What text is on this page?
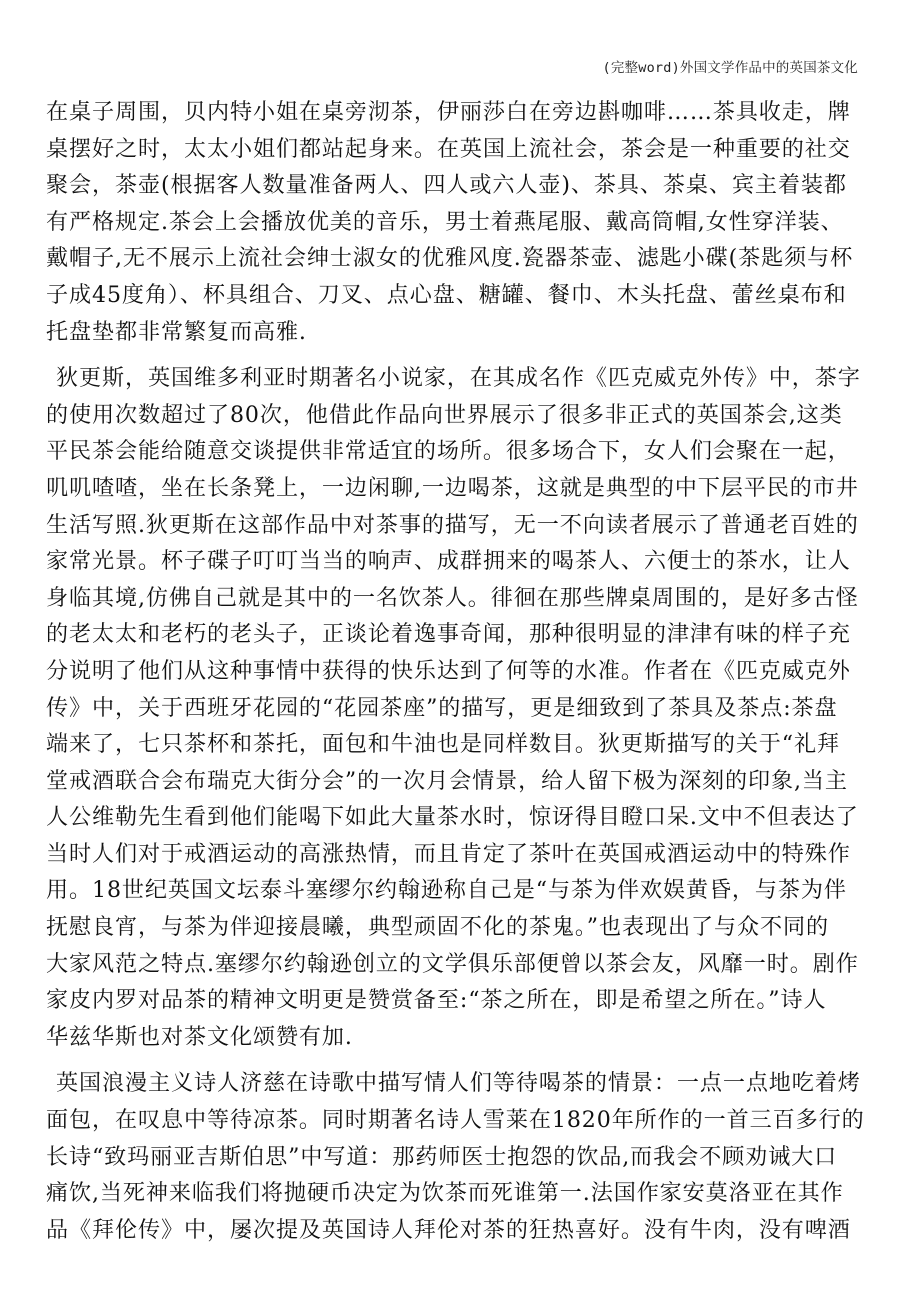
(完整word)外国文学作品中的英国茶文化

在桌子周围，贝内特小姐在桌旁沏茶，伊丽莎白在旁边斟咖啡……茶具收走，牌
桌摆好之时，太太小姐们都站起身来。在英国上流社会，茶会是一种重要的社交
聚会，茶壶(根据客人数量准备两人、四人或六人壶)、茶具、茶桌、宾主着装都
有严格规定.茶会上会播放优美的音乐，男士着燕尾服、戴高筒帽,女性穿洋装、
戴帽子,无不展示上流社会绅士淑女的优雅风度.瓷器茶壶、滤匙小碟(茶匙须与杯
子成45度角）、杯具组合、刀叉、点心盘、糖罐、餐巾、木头托盘、蕾丝桌布和
托盘垫都非常繁复而高雅.

狄更斯，英国维多利亚时期著名小说家，在其成名作《匹克威克外传》中，茶字
的使用次数超过了80次，他借此作品向世界展示了很多非正式的英国茶会,这类
平民茶会能给随意交谈提供非常适宜的场所。很多场合下，女人们会聚在一起，
叽叽喳喳，坐在长条凳上，一边闲聊,一边喝茶，这就是典型的中下层平民的市井
生活写照.狄更斯在这部作品中对茶事的描写，无一不向读者展示了普通老百姓的
家常光景。杯子碟子叮叮当当的响声、成群拥来的喝茶人、六便士的茶水，让人
身临其境,仿佛自己就是其中的一名饮茶人。徘徊在那些牌桌周围的，是好多古怪
的老太太和老朽的老头子，正谈论着逸事奇闻，那种很明显的津津有味的样子充
分说明了他们从这种事情中获得的快乐达到了何等的水准。作者在《匹克威克外
传》中，关于西班牙花园的“花园茶座”的描写，更是细致到了茶具及茶点:茶盘
端来了，七只茶杯和茶托，面包和牛油也是同样数目。狄更斯描写的关于“礼拜
堂戒酒联合会布瑞克大街分会”的一次月会情景，给人留下极为深刻的印象,当主
人公维勒先生看到他们能喝下如此大量茶水时，惊讶得目瞪口呆.文中不但表达了
当时人们对于戒酒运动的高涨热情，而且肯定了茶叶在英国戒酒运动中的特殊作
用。18世纪英国文坛泰斗塞缪尔约翰逊称自己是“与茶为伴欢娱黄昏，与茶为伴
抚慰良宵，与茶为伴迎接晨曦，典型顽固不化的茶鬼。”也表现出了与众不同的
大家风范之特点.塞缪尔约翰逊创立的文学俱乐部便曾以茶会友，风靡一时。剧作
家皮内罗对品茶的精神文明更是赞赏备至:“茶之所在，即是希望之所在。”诗人
华兹华斯也对茶文化颂赞有加.

英国浪漫主义诗人济慈在诗歌中描写情人们等待喝茶的情景：一点一点地吃着烤
面包，在叹息中等待凉茶。同时期著名诗人雪莱在1820年所作的一首三百多行的
长诗“致玛丽亚吉斯伯思”中写道：那药师医士抱怨的饮品,而我会不顾劝诫大口
痛饮,当死神来临我们将抛硬币决定为饮茶而死谁第一.法国作家安莫洛亚在其作
品《拜伦传》中，屡次提及英国诗人拜伦对茶的狂热喜好。没有牛肉，没有啤酒
